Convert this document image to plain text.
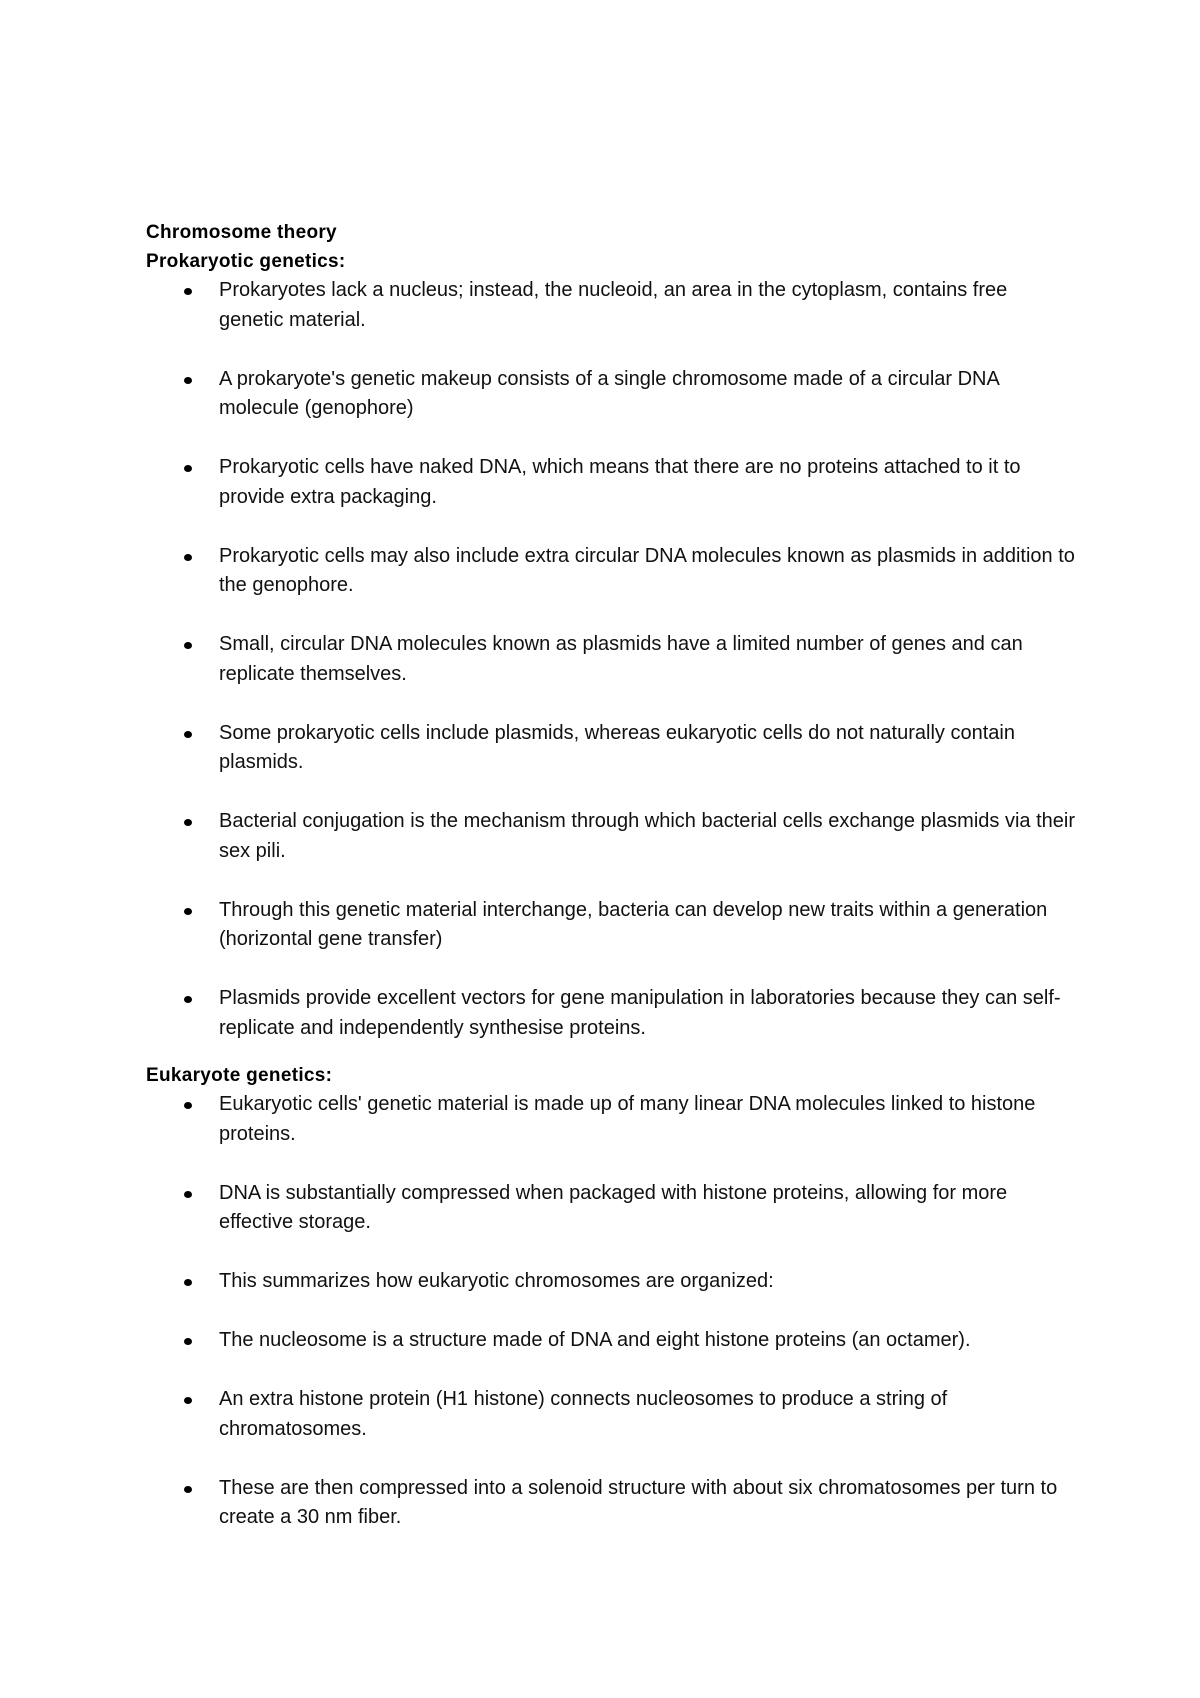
Chromosome theory
Prokaryotic genetics:
Prokaryotes lack a nucleus; instead, the nucleoid, an area in the cytoplasm, contains free genetic material.
A prokaryote's genetic makeup consists of a single chromosome made of a circular DNA molecule (genophore)
Prokaryotic cells have naked DNA, which means that there are no proteins attached to it to provide extra packaging.
Prokaryotic cells may also include extra circular DNA molecules known as plasmids in addition to the genophore.
Small, circular DNA molecules known as plasmids have a limited number of genes and can replicate themselves.
Some prokaryotic cells include plasmids, whereas eukaryotic cells do not naturally contain plasmids.
Bacterial conjugation is the mechanism through which bacterial cells exchange plasmids via their sex pili.
Through this genetic material interchange, bacteria can develop new traits within a generation (horizontal gene transfer)
Plasmids provide excellent vectors for gene manipulation in laboratories because they can self-replicate and independently synthesise proteins.
Eukaryote genetics:
Eukaryotic cells' genetic material is made up of many linear DNA molecules linked to histone proteins.
DNA is substantially compressed when packaged with histone proteins, allowing for more effective storage.
This summarizes how eukaryotic chromosomes are organized:
The nucleosome is a structure made of DNA and eight histone proteins (an octamer).
An extra histone protein (H1 histone) connects nucleosomes to produce a string of chromatosomes.
These are then compressed into a solenoid structure with about six chromatosomes per turn to create a 30 nm fiber.
